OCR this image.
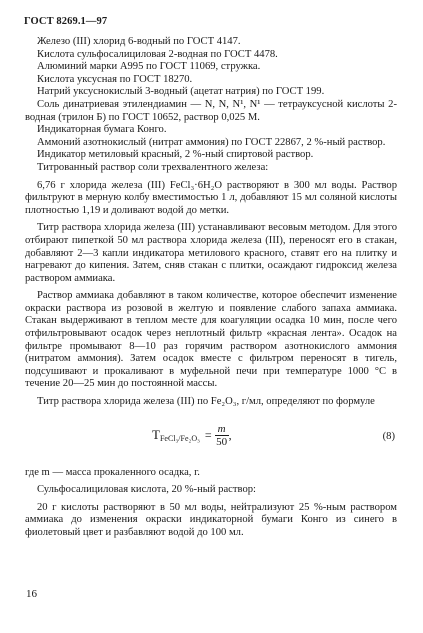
ГОСТ 8269.1—97

Железо (III) хлорид 6-водный по ГОСТ 4147.

Кислота сульфосалициловая 2-водная по ГОСТ 4478.

Алюминий марки А995 по ГОСТ 11069, стружка.

Кислота уксусная по ГОСТ 18270.

Натрий уксуснокислый 3-водный (ацетат натрия) по ГОСТ 199.

Соль динатриевая этилендиамин — N, N, N¹, N¹ — тетрауксусной кислоты 2-водная (трилон Б) по ГОСТ 10652, раствор 0,025 М.

Индикаторная бумага Конго.

Аммоний азотнокислый (нитрат аммония) по ГОСТ 22867, 2 %-ный раствор.

Индикатор метиловый красный, 2 %-ный спиртовой раствор.

Титрованный раствор соли трехвалентного железа:

6,76 г хлорида железа (III) FeCl₃·6H₂O растворяют в 300 мл воды. Раствор фильтруют в мерную колбу вместимостью 1 л, добавляют 15 мл соляной кислоты плотностью 1,19 и доливают водой до метки.

Титр раствора хлорида железа (III) устанавливают весовым методом. Для этого отбирают пипеткой 50 мл раствора хлорида железа (III), переносят его в стакан, добавляют 2—3 капли индикатора метилового красного, ставят его на плитку и нагревают до кипения. Затем, сняв стакан с плитки, осаждают гидроксид железа раствором аммиака.

Раствор аммиака добавляют в таком количестве, которое обеспечит изменение окраски раствора из розовой в желтую и появление слабого запаха аммиака. Стакан выдерживают в теплом месте для коагуляции осадка 10 мин, после чего отфильтровывают осадок через неплотный фильтр «красная лента». Осадок на фильтре промывают 8—10 раз горячим раствором азотнокислого аммония (нитратом аммония). Затем осадок вместе с фильтром переносят в тигель, подсушивают и прокаливают в муфельной печи при температуре 1000 °С в течение 20—25 мин до постоянной массы.

Титр раствора хлорида железа (III) по Fe₂O₃, г/мл, определяют по формуле

T FeCl₃/Fe₂O₃ = $\frac{m}{50}$ ,	(8)

где m — масса прокаленного осадка, г.

Сульфосалициловая кислота, 20 %-ный раствор:

20 г кислоты растворяют в 50 мл воды, нейтрализуют 25 %-ным раствором аммиака до изменения окраски индикаторной бумаги Конго из синего в фиолетовый цвет и разбавляют водой до 100 мл.

16
